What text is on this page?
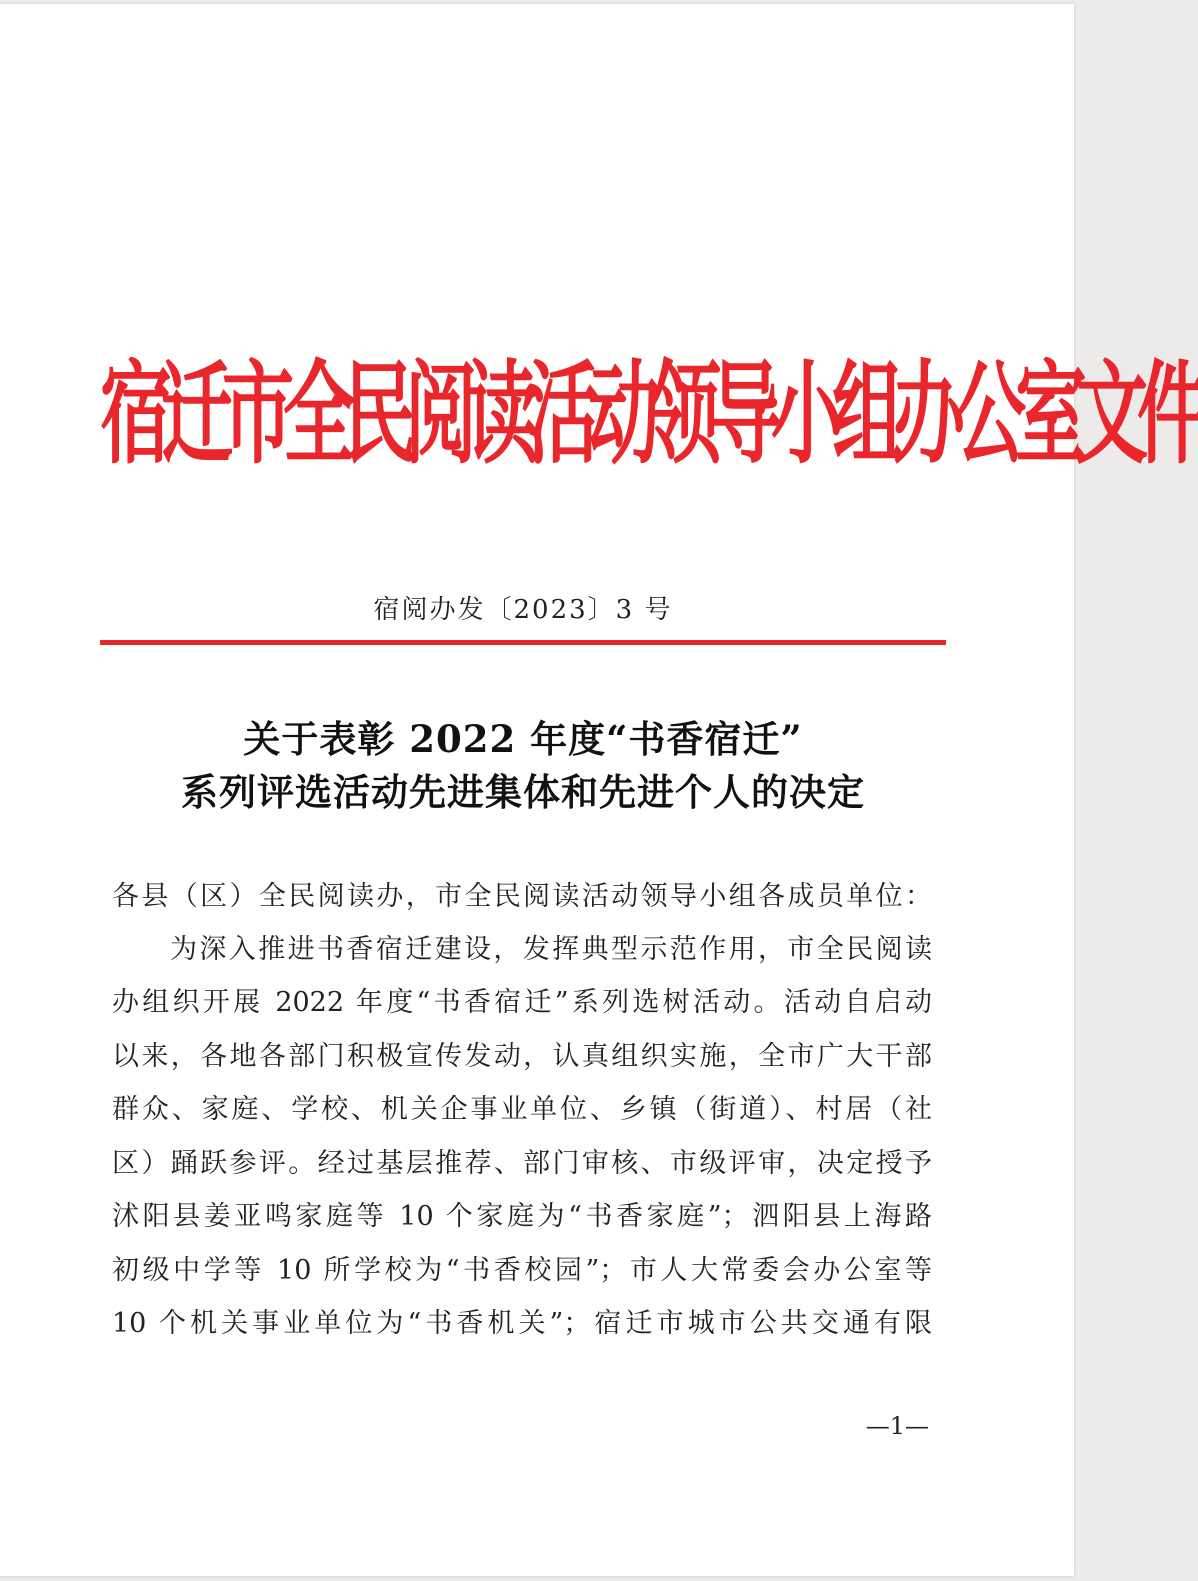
宿迁市全民阅读活动领导小组办公室文件
宿阅办发〔2023〕3 号
关于表彰 2022 年度“书香宿迁”
系列评选活动先进集体和先进个人的决定
各县（区）全民阅读办，市全民阅读活动领导小组各成员单位：
为深入推进书香宿迁建设，发挥典型示范作用，市全民阅读
办组织开展 2022 年度“书香宿迁”系列选树活动。活动自启动
以来，各地各部门积极宣传发动，认真组织实施，全市广大干部
群众、家庭、学校、机关企事业单位、乡镇（街道）、村居（社
区）踊跃参评。经过基层推荐、部门审核、市级评审，决定授予
沭阳县姜亚鸣家庭等 10 个家庭为“书香家庭”；泗阳县上海路
初级中学等 10 所学校为“书香校园”；市人大常委会办公室等
10 个机关事业单位为“书香机关”；宿迁市城市公共交通有限
—1—
